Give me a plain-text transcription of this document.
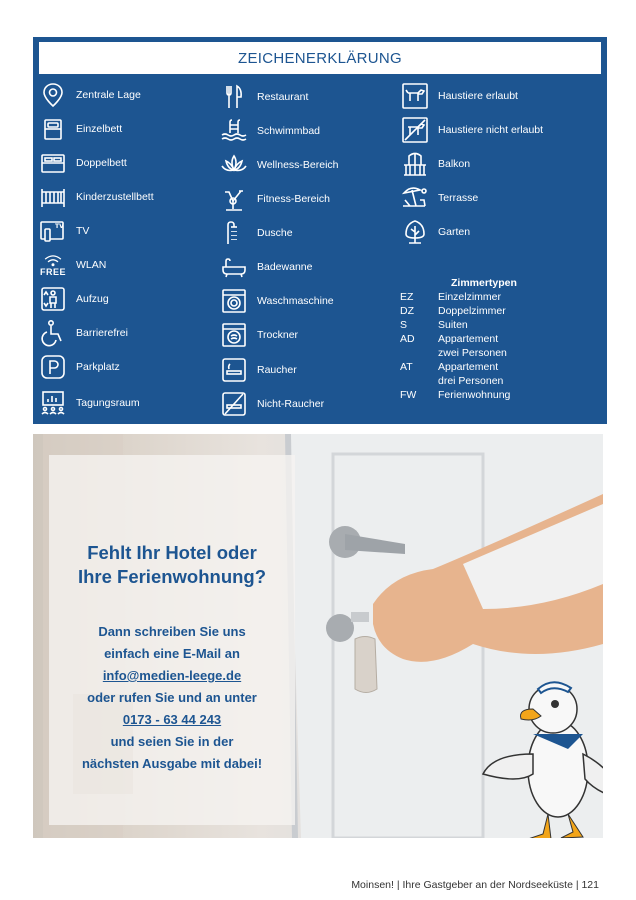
ZEICHENERKLÄRUNG
Zentrale Lage
Einzelbett
Doppelbett
Kinderzustellbett
TV TV
FREE
WLAN
Aufzug
Barrierefrei
Parkplatz
Tagungsraum
Restaurant
Schwimmbad
Wellness-Bereich
Fitness-Bereich
Dusche
Badewanne
Waschmaschine
Trockner
Raucher
Nicht-Raucher
Haustiere erlaubt
Haustiere nicht erlaubt
Balkon
Terrasse
Garten
Zimmertypen
EZ	Einzelzimmer
DZ	Doppelzimmer
S	Suiten
AD	Appartement
zwei Personen
AT	Appartement
drei Personen
FW	Ferienwohnung
Fehlt Ihr Hotel oder
Ihre Ferienwohnung?
Dann schreiben Sie uns
einfach eine E-Mail an
info@medien-leege.de
oder rufen Sie und an unter
0173 - 63 44 243
und seien Sie in der
nächsten Ausgabe mit dabei!
Moinsen! | Ihre Gastgeber an der Nordseeküste | 121
